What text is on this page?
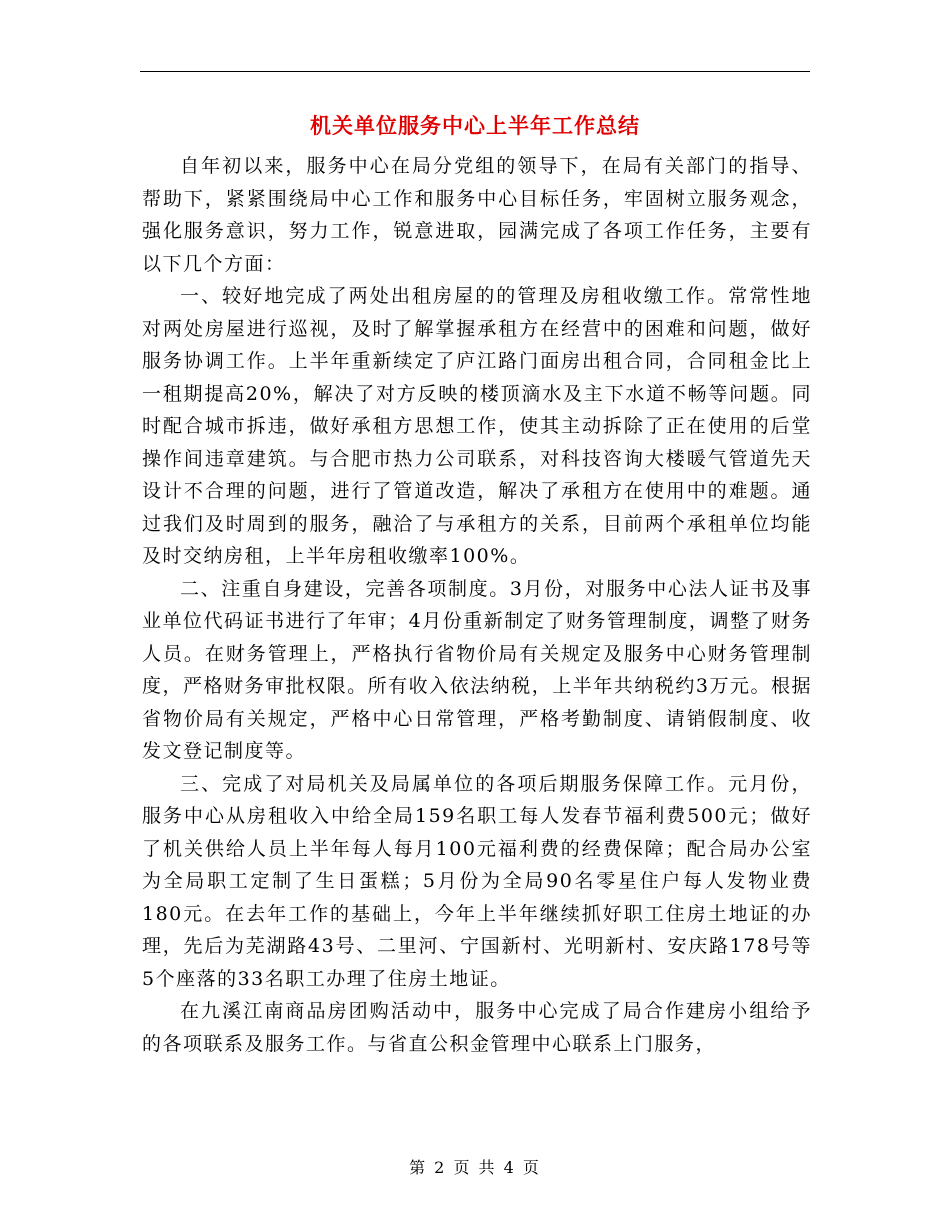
机关单位服务中心上半年工作总结

自年初以来，服务中心在局分党组的领导下，在局有关部门的指导、帮助下，紧紧围绕局中心工作和服务中心目标任务，牢固树立服务观念，强化服务意识，努力工作，锐意进取，园满完成了各项工作任务，主要有以下几个方面：

一、较好地完成了两处出租房屋的的管理及房租收缴工作。常常性地对两处房屋进行巡视，及时了解掌握承租方在经营中的困难和问题，做好服务协调工作。上半年重新续定了庐江路门面房出租合同，合同租金比上一租期提高20%，解决了对方反映的楼顶滴水及主下水道不畅等问题。同时配合城市拆违，做好承租方思想工作，使其主动拆除了正在使用的后堂操作间违章建筑。与合肥市热力公司联系，对科技咨询大楼暖气管道先天设计不合理的问题，进行了管道改造，解决了承租方在使用中的难题。通过我们及时周到的服务，融洽了与承租方的关系，目前两个承租单位均能及时交纳房租，上半年房租收缴率100%。

二、注重自身建设，完善各项制度。3月份，对服务中心法人证书及事业单位代码证书进行了年审；4月份重新制定了财务管理制度，调整了财务人员。在财务管理上，严格执行省物价局有关规定及服务中心财务管理制度，严格财务审批权限。所有收入依法纳税，上半年共纳税约3万元。根据省物价局有关规定，严格中心日常管理，严格考勤制度、请销假制度、收发文登记制度等。

三、完成了对局机关及局属单位的各项后期服务保障工作。元月份，服务中心从房租收入中给全局159名职工每人发春节福利费500元；做好了机关供给人员上半年每人每月100元福利费的经费保障；配合局办公室为全局职工定制了生日蛋糕；5月份为全局90名零星住户每人发物业费180元。在去年工作的基础上，今年上半年继续抓好职工住房土地证的办理，先后为芜湖路43号、二里河、宁国新村、光明新村、安庆路178号等5个座落的33名职工办理了住房土地证。

在九溪江南商品房团购活动中，服务中心完成了局合作建房小组给予的各项联系及服务工作。与省直公积金管理中心联系上门服务，

第 2 页 共 4 页
